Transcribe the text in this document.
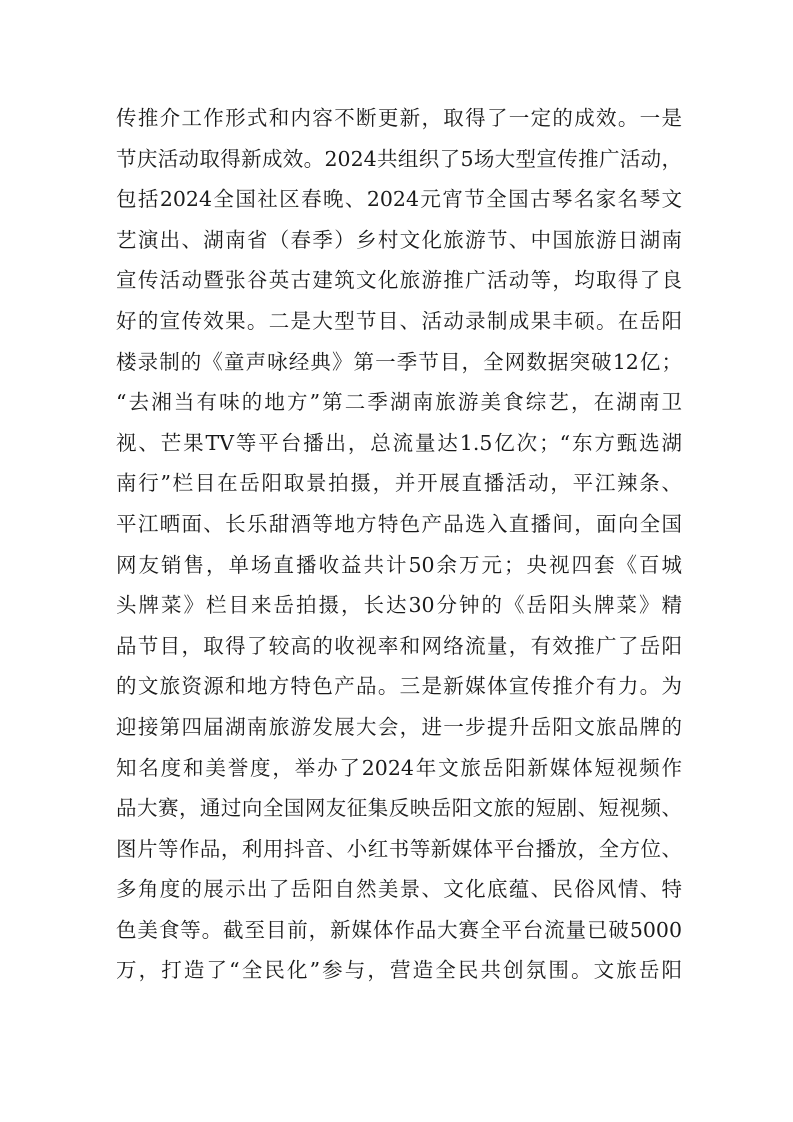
传推介工作形式和内容不断更新，取得了一定的成效。一是
节庆活动取得新成效。2024共组织了5场大型宣传推广活动，
包括2024全国社区春晚、2024元宵节全国古琴名家名琴文
艺演出、湖南省（春季）乡村文化旅游节、中国旅游日湖南
宣传活动暨张谷英古建筑文化旅游推广活动等，均取得了良
好的宣传效果。二是大型节目、活动录制成果丰硕。在岳阳
楼录制的《童声咏经典》第一季节目，全网数据突破12亿；
“去湘当有味的地方”第二季湖南旅游美食综艺，在湖南卫
视、芒果TV等平台播出，总流量达1.5亿次；“东方甄选湖
南行”栏目在岳阳取景拍摄，并开展直播活动，平江辣条、
平江晒面、长乐甜酒等地方特色产品选入直播间，面向全国
网友销售，单场直播收益共计50余万元；央视四套《百城
头牌菜》栏目来岳拍摄，长达30分钟的《岳阳头牌菜》精
品节目，取得了较高的收视率和网络流量，有效推广了岳阳
的文旅资源和地方特色产品。三是新媒体宣传推介有力。为
迎接第四届湖南旅游发展大会，进一步提升岳阳文旅品牌的
知名度和美誉度，举办了2024年文旅岳阳新媒体短视频作
品大赛，通过向全国网友征集反映岳阳文旅的短剧、短视频、
图片等作品，利用抖音、小红书等新媒体平台播放，全方位、
多角度的展示出了岳阳自然美景、文化底蕴、民俗风情、特
色美食等。截至目前，新媒体作品大赛全平台流量已破5000
万，打造了“全民化”参与，营造全民共创氛围。文旅岳阳
